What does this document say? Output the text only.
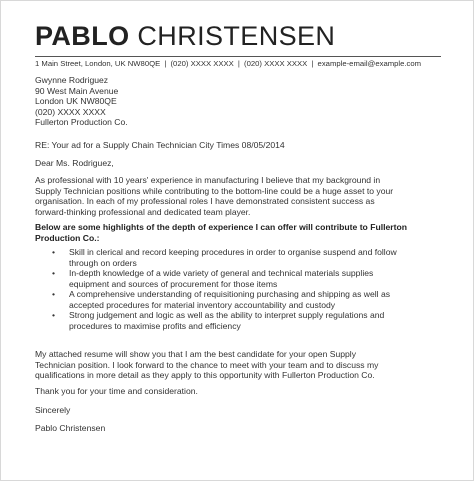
PABLO CHRISTENSEN
1 Main Street, London, UK NW80QE | (020) XXXX XXXX | (020) XXXX XXXX | example-email@example.com
Gwynne Rodriguez
90 West Main Avenue
London UK NW80QE
(020) XXXX XXXX
Fullerton Production Co.
RE: Your ad for a Supply Chain Technician City Times 08/05/2014
Dear Ms. Rodriguez,
As professional with 10 years' experience in manufacturing I believe that my background in
Supply Technician positions while contributing to the bottom-line could be a huge asset to your
organisation. In each of my professional roles I have demonstrated consistent success as
forward-thinking professional and dedicated team player.
Below are some highlights of the depth of experience I can offer will contribute to Fullerton
Production Co.:
• Skill in clerical and record keeping procedures in order to organise suspend and follow
through on orders
• In-depth knowledge of a wide variety of general and technical materials supplies
equipment and sources of procurement for those items
• A comprehensive understanding of requisitioning purchasing and shipping as well as
accepted procedures for material inventory accountability and custody
• Strong judgement and logic as well as the ability to interpret supply regulations and
procedures to maximise profits and efficiency
My attached resume will show you that I am the best candidate for your open Supply
Technician position. I look forward to the chance to meet with your team and to discuss my
qualifications in more detail as they apply to this opportunity with Fullerton Production Co.
Thank you for your time and consideration.
Sincerely
Pablo Christensen
